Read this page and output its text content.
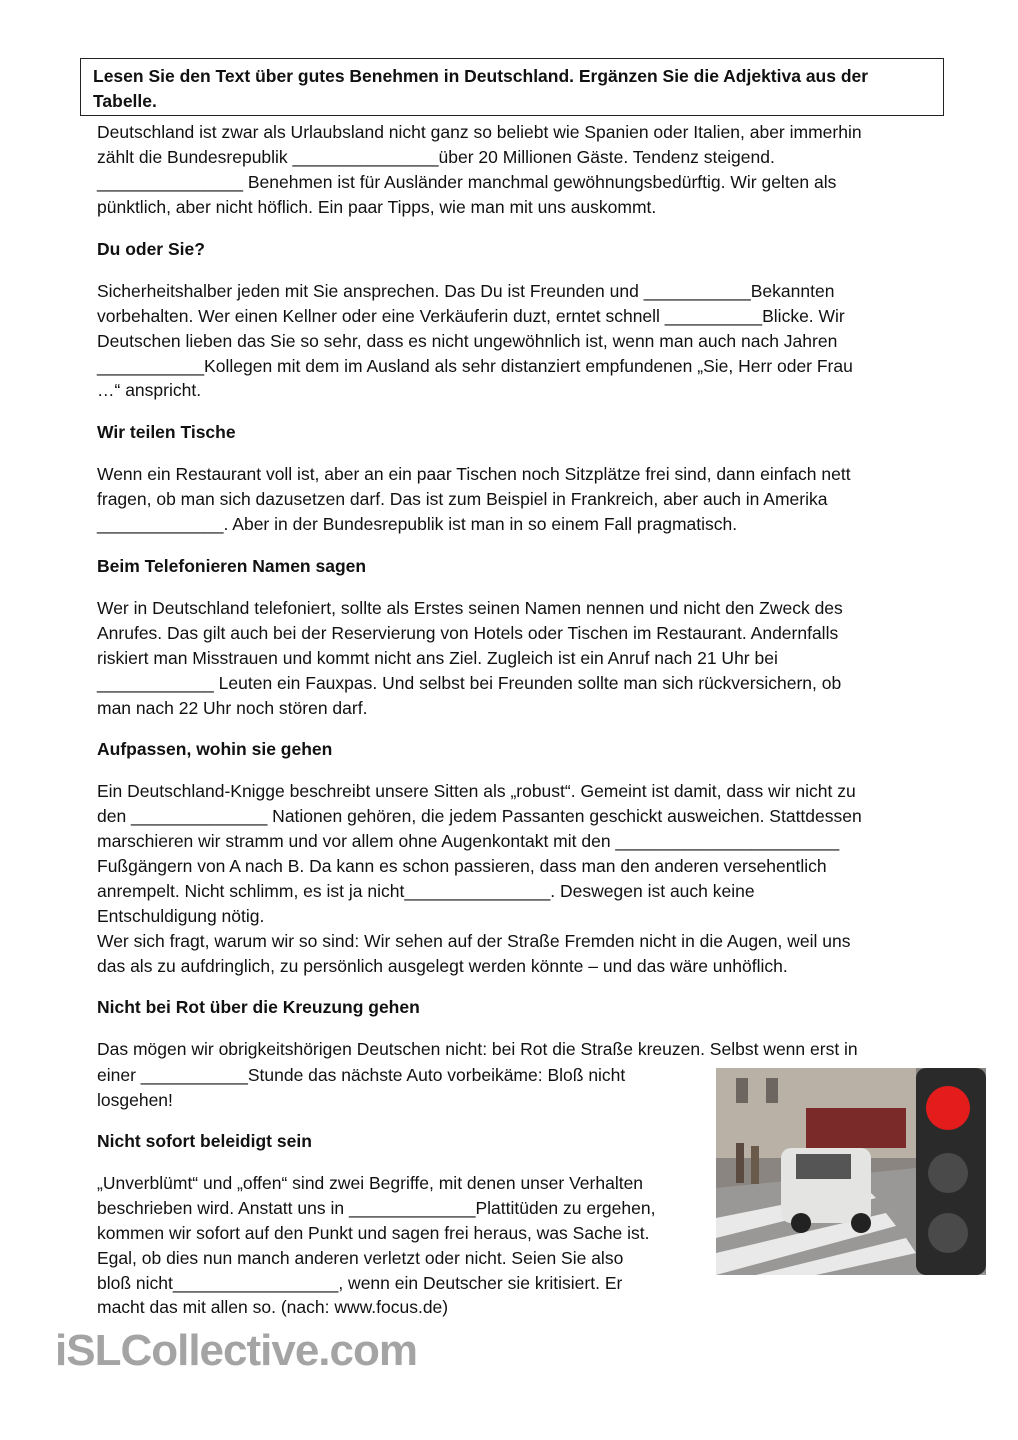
Lesen Sie den Text über gutes Benehmen in Deutschland. Ergänzen Sie die Adjektiva aus der
Tabelle.
Deutschland ist zwar als Urlaubsland nicht ganz so beliebt wie Spanien oder Italien, aber immerhin
zählt die Bundesrepublik _______________über 20 Millionen Gäste. Tendenz steigend.
_______________ Benehmen ist für Ausländer manchmal gewöhnungsbedürftig. Wir gelten als
pünktlich, aber nicht höflich. Ein paar Tipps, wie man mit uns auskommt.
Du oder Sie?
Sicherheitshalber jeden mit Sie ansprechen. Das Du ist Freunden und ___________Bekannten
vorbehalten. Wer einen Kellner oder eine Verkäuferin duzt, erntet schnell __________Blicke. Wir
Deutschen lieben das Sie so sehr, dass es nicht ungewöhnlich ist, wenn man auch nach Jahren
___________Kollegen mit dem im Ausland als sehr distanziert empfundenen „Sie, Herr oder Frau
…“ anspricht.
Wir teilen Tische
Wenn ein Restaurant voll ist, aber an ein paar Tischen noch Sitzplätze frei sind, dann einfach nett
fragen, ob man sich dazusetzen darf. Das ist zum Beispiel in Frankreich, aber auch in Amerika
_____________. Aber in der Bundesrepublik ist man in so einem Fall pragmatisch.
Beim Telefonieren Namen sagen
Wer in Deutschland telefoniert, sollte als Erstes seinen Namen nennen und nicht den Zweck des
Anrufes. Das gilt auch bei der Reservierung von Hotels oder Tischen im Restaurant. Andernfalls
riskiert man Misstrauen und kommt nicht ans Ziel. Zugleich ist ein Anruf nach 21 Uhr bei
____________ Leuten ein Fauxpas. Und selbst bei Freunden sollte man sich rückversichern, ob
man nach 22 Uhr noch stören darf.
Aufpassen, wohin sie gehen
Ein Deutschland-Knigge beschreibt unsere Sitten als „robust“. Gemeint ist damit, dass wir nicht zu
den ______________ Nationen gehören, die jedem Passanten geschickt ausweichen. Stattdessen
marschieren wir stramm und vor allem ohne Augenkontakt mit den _______________________
Fußgängern von A nach B. Da kann es schon passieren, dass man den anderen versehentlich
anrempelt. Nicht schlimm, es ist ja nicht_______________. Deswegen ist auch keine
Entschuldigung nötig.
Wer sich fragt, warum wir so sind: Wir sehen auf der Straße Fremden nicht in die Augen, weil uns
das als zu aufdringlich, zu persönlich ausgelegt werden könnte – und das wäre unhöflich.
Nicht bei Rot über die Kreuzung gehen
Das mögen wir obrigkeitshörigen Deutschen nicht: bei Rot die Straße kreuzen. Selbst wenn erst in
einer ___________Stunde das nächste Auto vorbeikäme: Bloß nicht
losgehen!
Nicht sofort beleidigt sein
„Unverblümt“ und „offen“ sind zwei Begriffe, mit denen unser Verhalten
beschrieben wird. Anstatt uns in _____________Plattitüden zu ergehen,
kommen wir sofort auf den Punkt und sagen frei heraus, was Sache ist.
Egal, ob dies nun manch anderen verletzt oder nicht. Seien Sie also
bloß nicht_________________, wenn ein Deutscher sie kritisiert. Er
macht das mit allen so. (nach: www.focus.de)
iSLCollective.com
